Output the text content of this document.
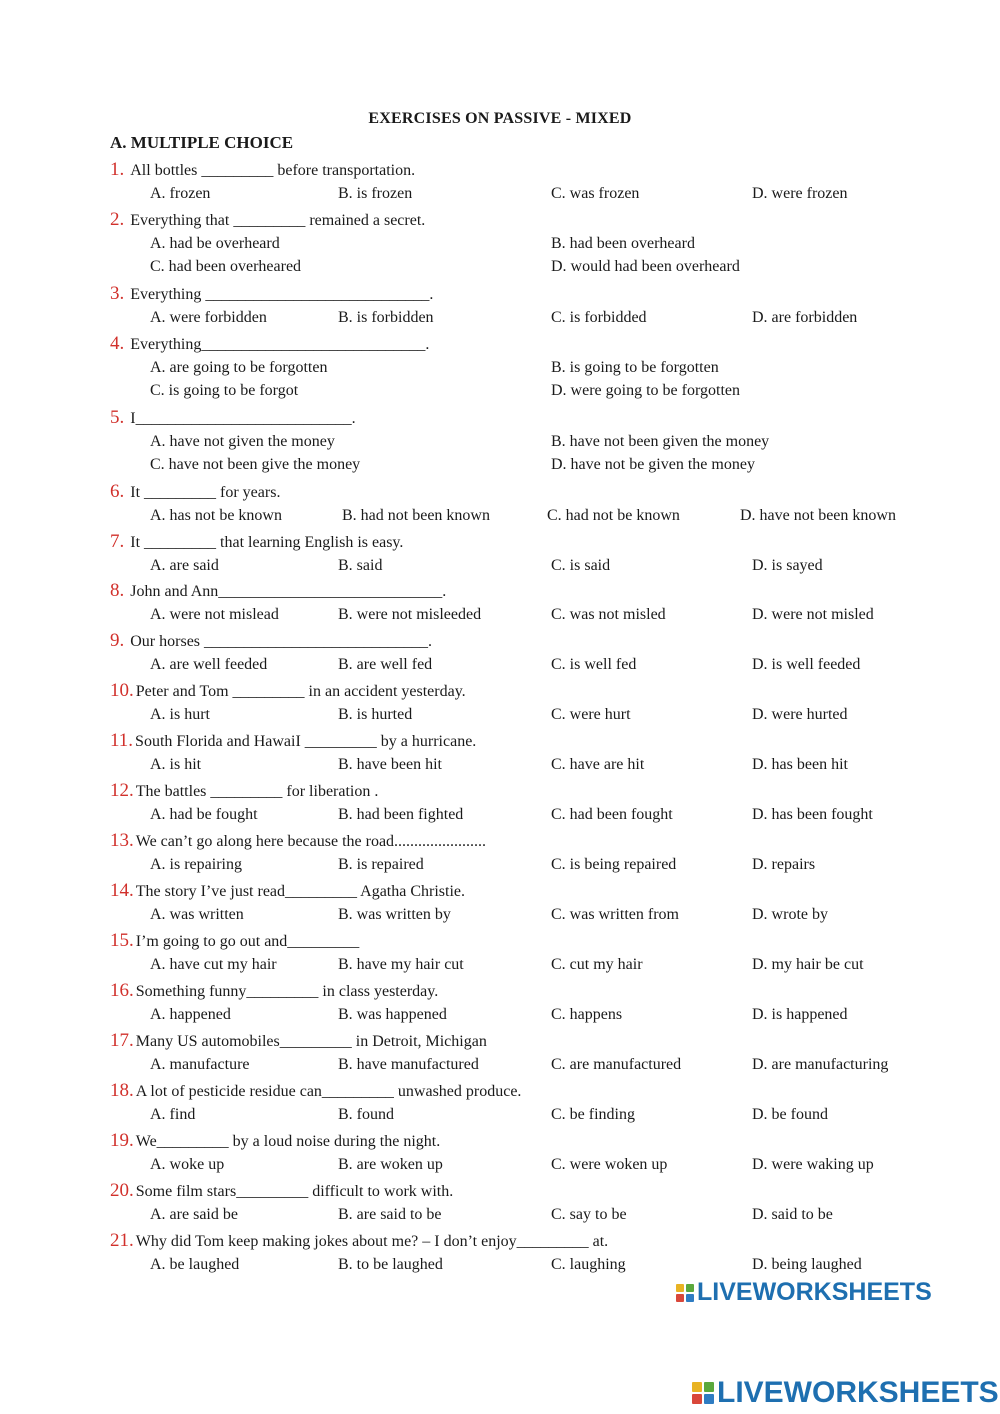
EXERCISES ON PASSIVE - MIXED
A. MULTIPLE CHOICE
1. All bottles _________ before transportation.
A. frozen	B. is frozen	C. was frozen	D. were frozen
2. Everything that _________ remained a secret.
A. had be overheard	B. had been overheard
C. had been overheared	D. would had been overheard
3. Everything ____________________________.
A. were forbidden	B. is forbidden	C. is forbidded	D. are forbidden
4. Everything____________________________.
A. are going to be forgotten	B. is going to be forgotten
C. is going to be forgot	D. were going to be forgotten
5. I___________________________.
A. have not given the money	B. have not been given the money
C. have not been give the money	D. have not be given the money
6. It _________ for years.
A. has not be known	B. had not been known	C. had not be known	D. have not been known
7. It _________ that learning English is easy.
A. are said	B. said	C. is said	D. is sayed
8. John and Ann____________________________.
A. were not mislead	B. were not misleeded	C. was not misled	D. were not misled
9. Our horses ____________________________.
A. are well feeded	B. are well fed	C. is well fed	D. is well feeded
10. Peter and Tom _________ in an accident yesterday.
A. is hurt	B. is hurted	C. were hurt	D. were hurted
11. South Florida and HawaiI _________ by a hurricane.
A. is hit	B. have been hit	C. have are hit	D. has been hit
12. The battles _________ for liberation .
A. had be fought	B. had been fighted	C. had been fought	D. has been fought
13. We can’t go along here because the road.......................
A. is repairing	B. is repaired	C. is being repaired	D. repairs
14. The story I’ve just read_________ Agatha Christie.
A. was written	B. was written by	C. was written from	D. wrote by
15. I’m going to go out and_________
A. have cut my hair	B. have my hair cut	C. cut my hair	D. my hair be cut
16. Something funny_________ in class yesterday.
A. happened	B. was happened	C. happens	D. is happened
17. Many US automobiles_________ in Detroit, Michigan
A. manufacture	B. have manufactured	C. are manufactured	D. are manufacturing
18. A lot of pesticide residue can_________ unwashed produce.
A. find	B. found	C. be finding	D. be found
19. We_________ by a loud noise during the night.
A. woke up	B. are woken up	C. were woken up	D. were waking up
20. Some film stars_________ difficult to work with.
A. are said be	B. are said to be	C. say to be	D. said to be
21. Why did Tom keep making jokes about me? – I don’t enjoy_________ at.
A. be laughed	B. to be laughed	C. laughing	D. being laughed
LIVEWORKSHEETS
LIVEWORKSHEETS
